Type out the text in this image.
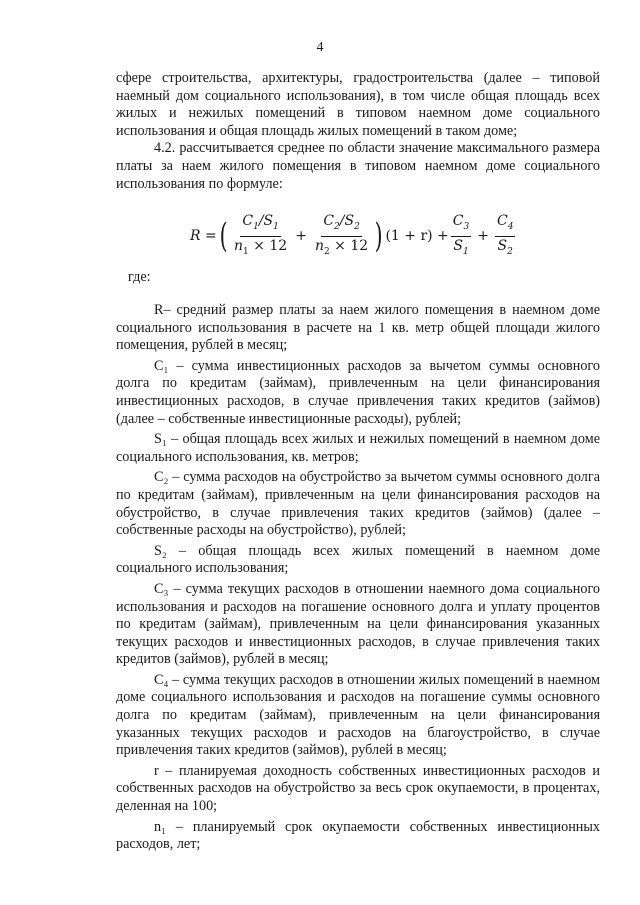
4

сфере строительства, архитектуры, градостроительства (далее – типовой наемный дом социального использования), в том числе общая площадь всех жилых и нежилых помещений в типовом наемном доме социального использования и общая площадь жилых помещений в таком доме;

4.2. рассчитывается среднее по области значение максимального размера платы за наем жилого помещения в типовом наемном доме социального использования по формуле:

R = ( $\frac{C_1/S_1}{n_1 \times 12} + \frac{C_2/S_2}{n_2 \times 12}$ ) $(1 + r) + \frac{C_3}{S_1} + \frac{C_4}{S_2}$
где:

R– средний размер платы за наем жилого помещения в наемном доме социального использования в расчете на 1 кв. метр общей площади жилого помещения, рублей в месяц;

С₁ – сумма инвестиционных расходов за вычетом суммы основного долга по кредитам (займам), привлеченным на цели финансирования инвестиционных расходов, в случае привлечения таких кредитов (займов) (далее – собственные инвестиционные расходы), рублей;

S₁ – общая площадь всех жилых и нежилых помещений в наемном доме социального использования, кв. метров;

С₂ – сумма расходов на обустройство за вычетом суммы основного долга по кредитам (займам), привлеченным на цели финансирования расходов на обустройство, в случае привлечения таких кредитов (займов) (далее – собственные расходы на обустройство), рублей;

S₂ – общая площадь всех жилых помещений в наемном доме социального использования;

С₃ – сумма текущих расходов в отношении наемного дома социального использования и расходов на погашение основного долга и уплату процентов по кредитам (займам), привлеченным на цели финансирования указанных текущих расходов и инвестиционных расходов, в случае привлечения таких кредитов (займов), рублей в месяц;

С₄ – сумма текущих расходов в отношении жилых помещений в наемном доме социального использования и расходов на погашение суммы основного долга по кредитам (займам), привлеченным на цели финансирования указанных текущих расходов и расходов на благоустройство, в случае привлечения таких кредитов (займов), рублей в месяц;

r – планируемая доходность собственных инвестиционных расходов и собственных расходов на обустройство за весь срок окупаемости, в процентах, деленная на 100;

n₁ – планируемый срок окупаемости собственных инвестиционных расходов, лет;
